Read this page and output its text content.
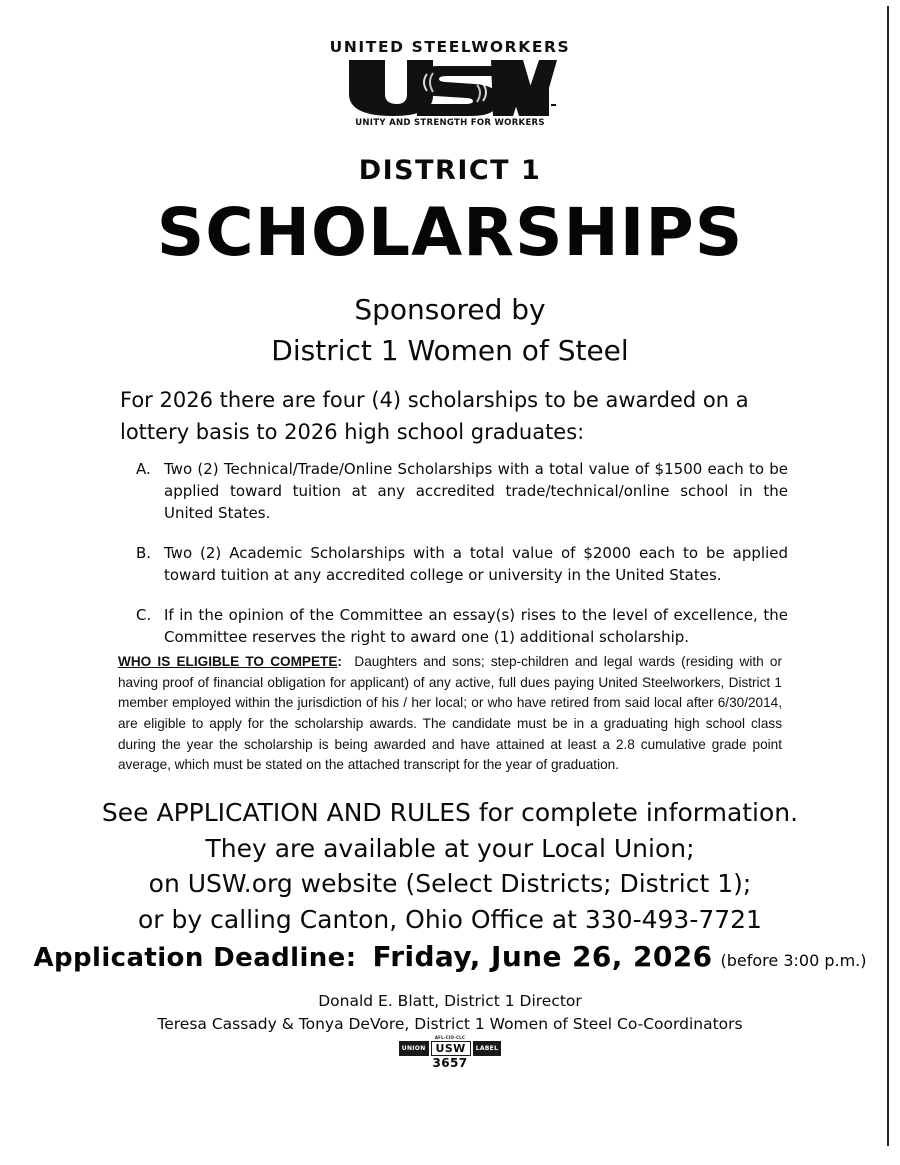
UNITED STEELWORKERS
UNITY AND STRENGTH FOR WORKERS
DISTRICT 1
SCHOLARSHIPS
Sponsored by
District 1 Women of Steel
For 2026 there are four (4) scholarships to be awarded on a lottery basis to 2026 high school graduates:
A. Two (2) Technical/Trade/Online Scholarships with a total value of $1500 each to be applied toward tuition at any accredited trade/technical/online school in the United States.
B. Two (2) Academic Scholarships with a total value of $2000 each to be applied toward tuition at any accredited college or university in the United States.
C. If in the opinion of the Committee an essay(s) rises to the level of excellence, the Committee reserves the right to award one (1) additional scholarship.
WHO IS ELIGIBLE TO COMPETE: Daughters and sons; step-children and legal wards (residing with or having proof of financial obligation for applicant) of any active, full dues paying United Steelworkers, District 1 member employed within the jurisdiction of his / her local; or who have retired from said local after 6/30/2014, are eligible to apply for the scholarship awards. The candidate must be in a graduating high school class during the year the scholarship is being awarded and have attained at least a 2.8 cumulative grade point average, which must be stated on the attached transcript for the year of graduation.
See APPLICATION AND RULES for complete information.
They are available at your Local Union;
on USW.org website (Select Districts; District 1);
or by calling Canton, Ohio Office at 330-493-7721
Application Deadline: Friday, June 26, 2026 (before 3:00 p.m.)
Donald E. Blatt, District 1 Director
Teresa Cassady & Tonya DeVore, District 1 Women of Steel Co-Coordinators
AFL-CIO-CLC
UNION USW	LABEL
3657
